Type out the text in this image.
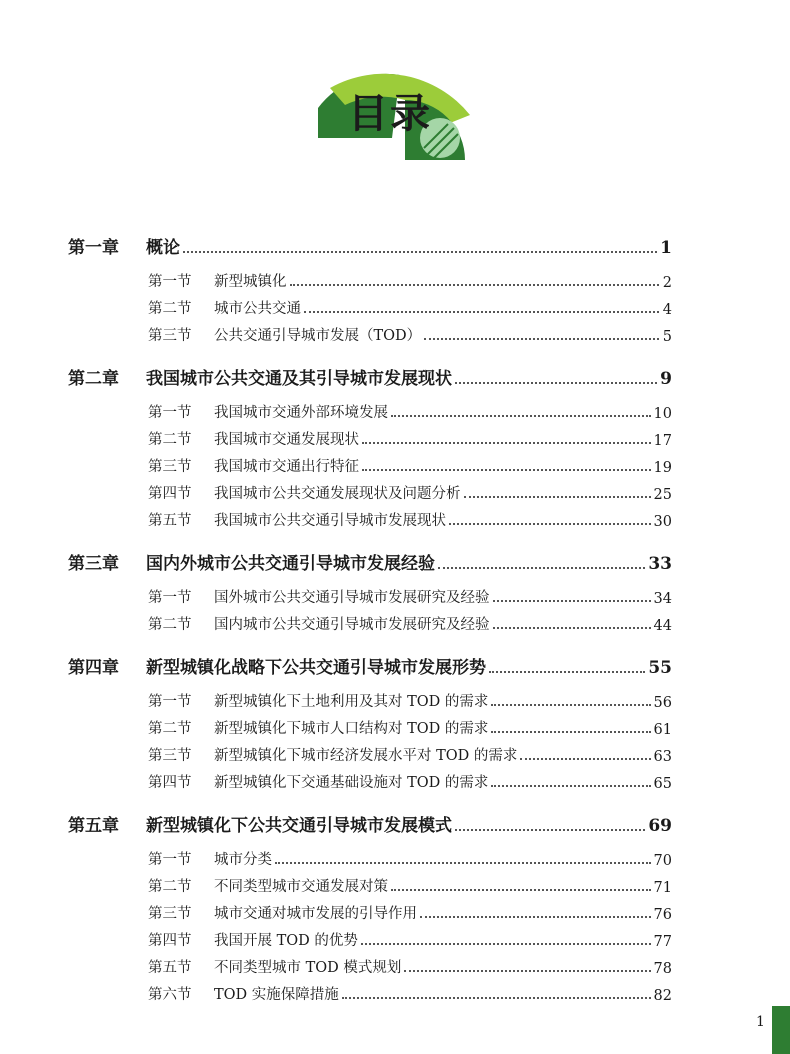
目录
第一章	概论	1
第一节	新型城镇化	2
第二节	城市公共交通	4
第三节	公共交通引导城市发展（TOD）	5
第二章	我国城市公共交通及其引导城市发展现状	9
第一节	我国城市交通外部环境发展	10
第二节	我国城市交通发展现状	17
第三节	我国城市交通出行特征	19
第四节	我国城市公共交通发展现状及问题分析	25
第五节	我国城市公共交通引导城市发展现状	30
第三章	国内外城市公共交通引导城市发展经验	33
第一节	国外城市公共交通引导城市发展研究及经验	34
第二节	国内城市公共交通引导城市发展研究及经验	44
第四章	新型城镇化战略下公共交通引导城市发展形势	55
第一节	新型城镇化下土地利用及其对 TOD 的需求	56
第二节	新型城镇化下城市人口结构对 TOD 的需求	61
第三节	新型城镇化下城市经济发展水平对 TOD 的需求	63
第四节	新型城镇化下交通基础设施对 TOD 的需求	65
第五章	新型城镇化下公共交通引导城市发展模式	69
第一节	城市分类	70
第二节	不同类型城市交通发展对策	71
第三节	城市交通对城市发展的引导作用	76
第四节	我国开展 TOD 的优势	77
第五节	不同类型城市 TOD 模式规划	78
第六节	TOD 实施保障措施	82
1
